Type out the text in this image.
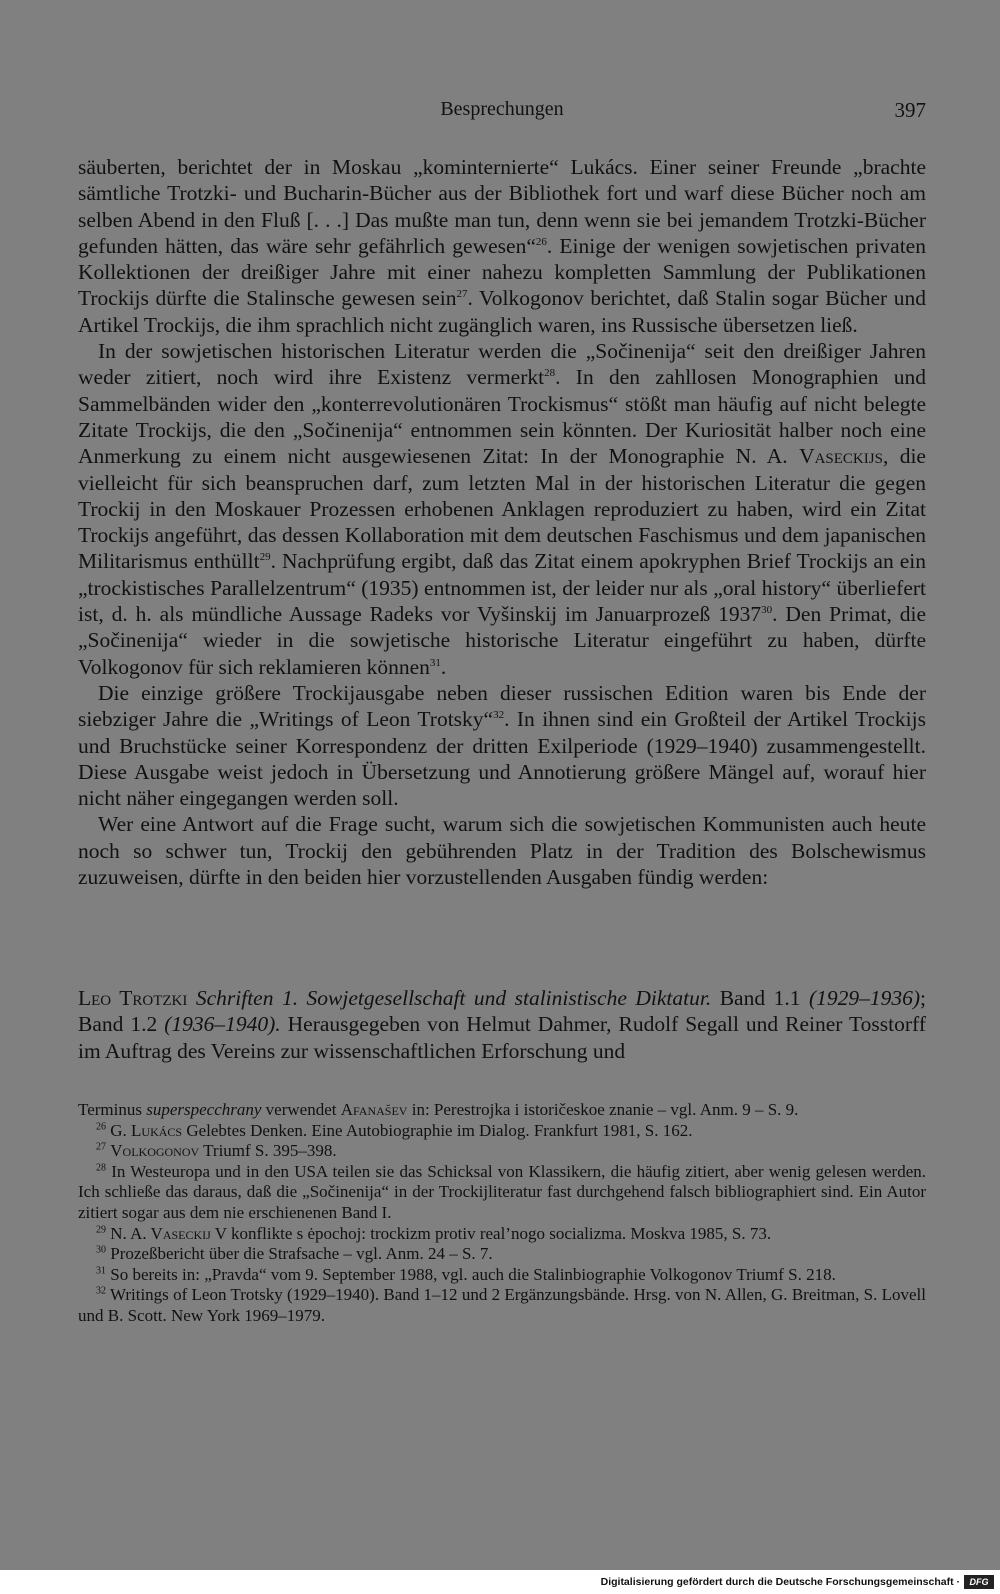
Besprechungen	397

säuberten, berichtet der in Moskau „kominternierte“ Lukács. Einer seiner Freunde „brachte sämtliche Trotzki- und Bucharin-Bücher aus der Bibliothek fort und warf diese Bücher noch am selben Abend in den Fluß [. . .] Das mußte man tun, denn wenn sie bei jemandem Trotzki-Bücher gefunden hätten, das wäre sehr gefährlich gewesen“$^{26}$. Einige der wenigen sowjetischen privaten Kollektionen der dreißiger Jahre mit einer nahezu kompletten Sammlung der Publikationen Trockijs dürfte die Stalinsche gewesen sein$^{27}$. Volkogonov berichtet, daß Stalin sogar Bücher und Artikel Trockijs, die ihm sprachlich nicht zugänglich waren, ins Russische übersetzen ließ.

In der sowjetischen historischen Literatur werden die „Sočinenija“ seit den dreißiger Jahren weder zitiert, noch wird ihre Existenz vermerkt$^{28}$. In den zahllosen Monographien und Sammelbänden wider den „konterrevolutionären Trockismus“ stößt man häufig auf nicht belegte Zitate Trockijs, die den „Sočinenija“ entnommen sein könnten. Der Kuriosität halber noch eine Anmerkung zu einem nicht ausgewiesenen Zitat: In der Monographie N. A. Vaseckijs, die vielleicht für sich beanspruchen darf, zum letzten Mal in der historischen Literatur die gegen Trockij in den Moskauer Prozessen erhobenen Anklagen reproduziert zu haben, wird ein Zitat Trockijs angeführt, das dessen Kollaboration mit dem deutschen Faschismus und dem japanischen Militarismus enthüllt$^{29}$. Nachprüfung ergibt, daß das Zitat einem apokryphen Brief Trockijs an ein „trockistisches Parallelzentrum“ (1935) entnommen ist, der leider nur als „oral history“ überliefert ist, d. h. als mündliche Aussage Radeks vor Vyšinskij im Januarprozeß 1937$^{30}$. Den Primat, die „Sočinenija“ wieder in die sowjetische historische Literatur eingeführt zu haben, dürfte Volkogonov für sich reklamieren können$^{31}$.

Die einzige größere Trockijausgabe neben dieser russischen Edition waren bis Ende der siebziger Jahre die „Writings of Leon Trotsky“$^{32}$. In ihnen sind ein Großteil der Artikel Trockijs und Bruchstücke seiner Korrespondenz der dritten Exilperiode (1929–1940) zusammengestellt. Diese Ausgabe weist jedoch in Übersetzung und Annotierung größere Mängel auf, worauf hier nicht näher eingegangen werden soll.

Wer eine Antwort auf die Frage sucht, warum sich die sowjetischen Kommunisten auch heute noch so schwer tun, Trockij den gebührenden Platz in der Tradition des Bolschewismus zuzuweisen, dürfte in den beiden hier vorzustellenden Ausgaben fündig werden:

Leo Trotzki Schriften 1. Sowjetgesellschaft und stalinistische Diktatur. Band 1.1 (1929–1936); Band 1.2 (1936–1940). Herausgegeben von Helmut Dahmer, Rudolf Segall und Reiner Tosstorff im Auftrag des Vereins zur wissenschaftlichen Erforschung und

Terminus superspecchrany verwendet Afanas̆ev in: Perestrojka i istoričeskoe znanie – vgl. Anm. 9 – S. 9.

$^{26}$ G. Lukács Gelebtes Denken. Eine Autobiographie im Dialog. Frankfurt 1981, S. 162.

$^{27}$ Volkogonov Triumf S. 395–398.

$^{28}$ In Westeuropa und in den USA teilen sie das Schicksal von Klassikern, die häufig zitiert, aber wenig gelesen werden. Ich schließe das daraus, daß die „Sočinenija“ in der Trockijliteratur fast durchgehend falsch bibliographiert sind. Ein Autor zitiert sogar aus dem nie erschienenen Band I.

$^{29}$ N. A. Vaseckij V konflikte s ėpochoj: trockizm protiv real’nogo socializma. Moskva 1985, S. 73.

$^{30}$ Prozeßbericht über die Strafsache – vgl. Anm. 24 – S. 7.

$^{31}$ So bereits in: „Pravda“ vom 9. September 1988, vgl. auch die Stalinbiographie Volkogonov Triumf S. 218.

$^{32}$ Writings of Leon Trotsky (1929–1940). Band 1–12 und 2 Ergänzungsbände. Hrsg. von N. Allen, G. Breitman, S. Lovell und B. Scott. New York 1969–1979.

Digitalisierung gefördert durch die Deutsche Forschungsgemeinschaft ·	DFG
